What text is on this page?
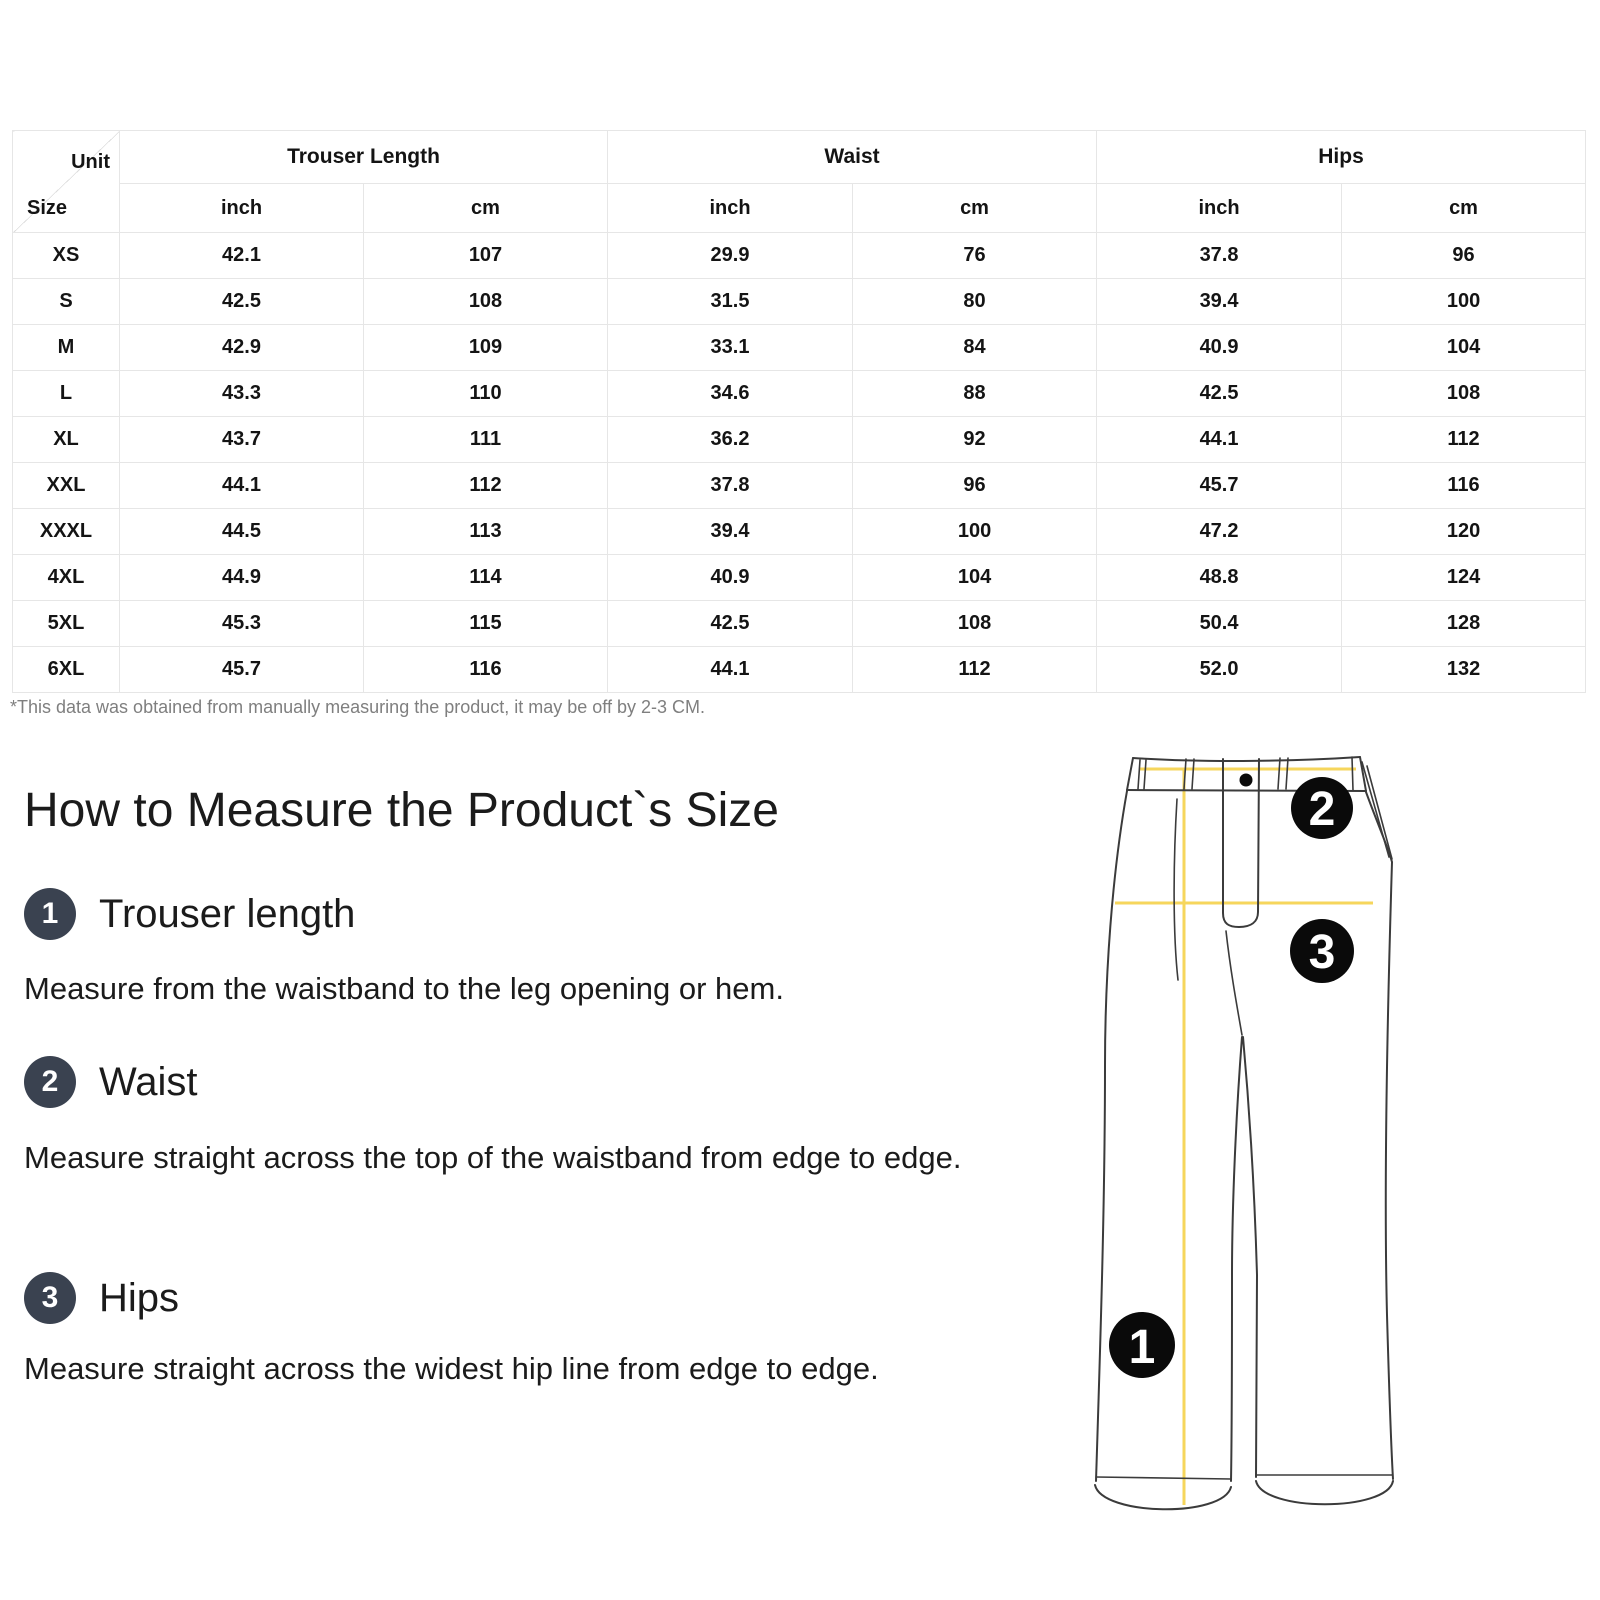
Unit
Size	Trouser Length		Waist		Hips	
	inch	cm	inch	cm	inch	cm
XS	42.1	107	29.9	76	37.8	96
S	42.5	108	31.5	80	39.4	100
M	42.9	109	33.1	84	40.9	104
L	43.3	110	34.6	88	42.5	108
XL	43.7	111	36.2	92	44.1	112
XXL	44.1	112	37.8	96	45.7	116
XXXL	44.5	113	39.4	100	47.2	120
4XL	44.9	114	40.9	104	48.8	124
5XL	45.3	115	42.5	108	50.4	128
6XL	45.7	116	44.1	112	52.0	132
*This data was obtained from manually measuring the product, it may be off by 2-3 CM.
How to Measure the Product`s Size
1	Trouser length

Measure from the waistband to the leg opening or hem.

2	Waist

Measure straight across the top of the waistband from edge to edge.

3	Hips

Measure straight across the widest hip line from edge to edge.	1
2
3
